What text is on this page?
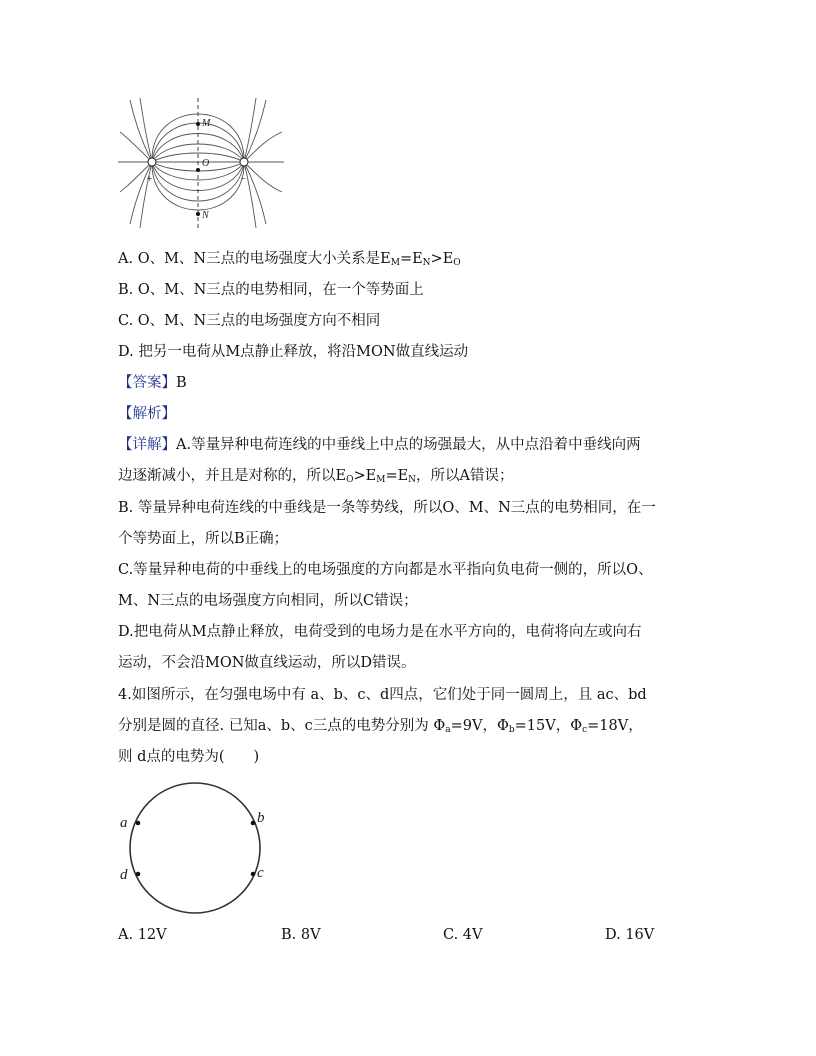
M
O
N
+	−
A. O、M、N三点的电场强度大小关系是$E_M=E_N>E_O$
B. O、M、N三点的电势相同，在一个等势面上
C. O、M、N三点的电场强度方向不相同
D. 把另一电荷从M点静止释放，将沿MON做直线运动
【答案】B
【解析】
【详解】A.等量异种电荷连线的中垂线上中点的场强最大，从中点沿着中垂线向两
边逐渐减小，并且是对称的，所以$E_O>E_M=E_N$，所以A错误；
B. 等量异种电荷连线的中垂线是一条等势线，所以O、M、N三点的电势相同，在一
个等势面上，所以B正确；
C.等量异种电荷的中垂线上的电场强度的方向都是水平指向负电荷一侧的，所以O、
M、N三点的电场强度方向相同，所以C错误；
D.把电荷从M点静止释放，电荷受到的电场力是在水平方向的，电荷将向左或向右
运动，不会沿MON做直线运动，所以D错误。
4.如图所示，在匀强电场中有 a、b、c、d四点，它们处于同一圆周上，且 ac、bd
分别是圆的直径. 已知a、b、c三点的电势分别为 $\Phi_a=9V$，$\Phi_b=15V$，$\Phi_c=18V$，
则 d点的电势为(　　)
a	b
c
d
A. 12V	B. 8V	C. 4V	D. 16V
